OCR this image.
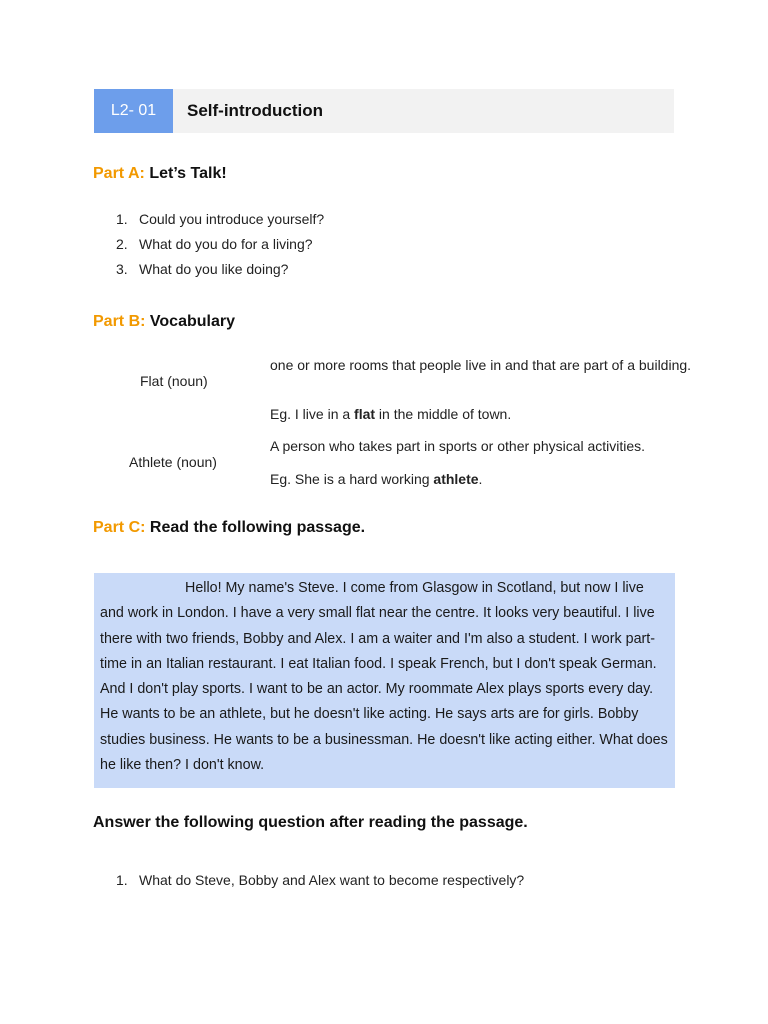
L2- 01	Self-introduction
Part A: Let’s Talk!
1. Could you introduce yourself?
2. What do you do for a living?
3. What do you like doing?
Part B: Vocabulary
Flat (noun)
one or more rooms that people live in and that are part of a building.
Eg. I live in a flat in the middle of town.
Athlete (noun)
A person who takes part in sports or other physical activities.
Eg. She is a hard working athlete.
Part C: Read the following passage.
Hello! My name's Steve. I come from Glasgow in Scotland, but now I live and work in London. I have a very small flat near the centre. It looks very beautiful. I live there with two friends, Bobby and Alex. I am a waiter and I'm also a student. I work part-time in an Italian restaurant. I eat Italian food. I speak French, but I don't speak German. And I don't play sports. I want to be an actor. My roommate Alex plays sports every day. He wants to be an athlete, but he doesn't like acting. He says arts are for girls. Bobby studies business. He wants to be a businessman. He doesn't like acting either. What does he like then? I don't know.
Answer the following question after reading the passage.
1. What do Steve, Bobby and Alex want to become respectively?
